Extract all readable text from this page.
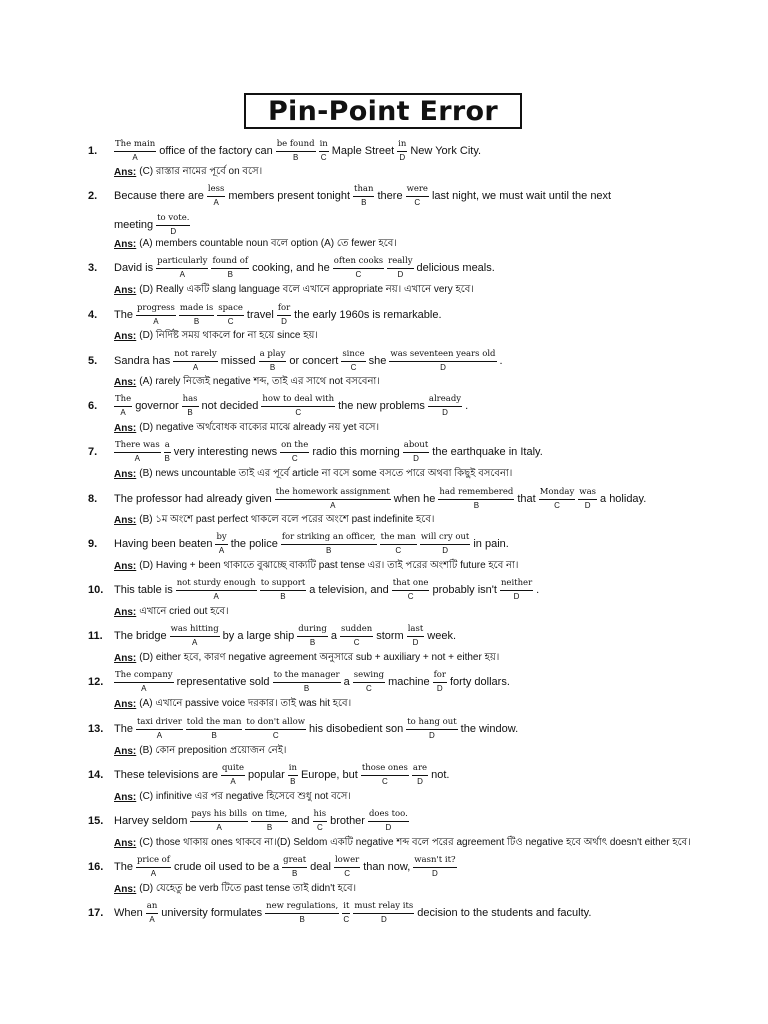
Pin-Point Error
1.
The main
A
office of the factory can
be found
B
in
C
Maple Street
in
D
New York City.
Ans: (C) রাস্তার নামের পূর্বে on বসে।
2.	Because there are
less
A
members present tonight
than
B
there
were
C
last night, we must wait until the next
meeting
to vote.
D
Ans: (A) members countable noun বলে option (A) তে fewer হবে।
3.	David is
particularly
A
found of
B
cooking, and he
often cooks
C
really
D
delicious meals.
Ans: (D) Really একটি slang language বলে এখানে appropriate নয়। এখানে very হবে।
4.	The
progress
A
made is
B
space
C
travel
for
D
the early 1960s is remarkable.
Ans: (D) নির্দিষ্ট সময় থাকলে for না হয়ে since হয়।
5.	Sandra has
not rarely
A
missed
a play
B
or concert
since
C
she
was seventeen years old
D
.
Ans: (A) rarely নিজেই negative শব্দ, তাই এর সাথে not বসবেনা।
6.
The
A
governor
has
B
not decided
how to deal with
C
the new problems
already
D
.
Ans: (D) negative অর্থবোধক বাক্যের মাঝে already নয় yet বসে।
7.
There was
A
a
B
very interesting news
on the
C
radio this morning
about
D
the earthquake in Italy.
Ans: (B) news uncountable তাই এর পূর্বে article না বসে some বসতে পারে অথবা কিছুই বসবেনা।
8.	The professor had already given
the homework assignment
A
when he
had remembered
B
that
Monday
C
was
D
a holiday.
Ans: (B) ১ম অংশে past perfect থাকলে বলে পরের অংশে past indefinite হবে।
9.	Having been beaten
by
A
the police
for striking an officer,
B
the man
C
will cry out
D
in pain.
Ans: (D) Having + been থাকাতে বুঝাচ্ছে বাক্যটি past tense এর। তাই পরের অংশটি future হবে না।
10. This table is
not sturdy enough
A
to support
B
a television, and
that one
C
probably isn't
neither
D
.
Ans: এখানে cried out হবে।
11.	The bridge
was hitting
A
by a large ship
during
B
a
sudden
C
storm
last
D
week.
Ans: (D) either হবে, কারণ negative agreement অনুসারে sub + auxiliary + not + either হয়।
12.
The company
A
representative sold
to the manager
B
a
sewing
C
machine
for
D
forty dollars.
Ans: (A) এখানে passive voice দরকার। তাই was hit হবে।
13. The
taxi driver
A
told the man
B
to don't allow
C
his disobedient son
to hang out
D
the window.
Ans: (B) কোন preposition প্রয়োজন নেই।
14. These televisions are
quite
A
popular
in
B
Europe, but
those ones
C
are
D
not.
Ans: (C) infinitive এর পর negative হিসেবে শুধু not বসে।
15. Harvey seldom
pays his bills
A
on time,
B
and
his
C
brother
does too.
D
Ans: (C) those থাকায় ones থাকবে না।(D) Seldom একটি negative শব্দ বলে পরের agreement টিও negative হবে অর্থাৎ doesn't either হবে।
16. The
price of
A
crude oil used to be a
great
B
deal
lower
C
than now,
wasn't it?
D
Ans: (D) যেহেতু be verb টিতে past tense তাই didn't হবে।
17. When
an
A
university formulates
new regulations,
B
it
C
must relay its
D
decision to the students and faculty.
